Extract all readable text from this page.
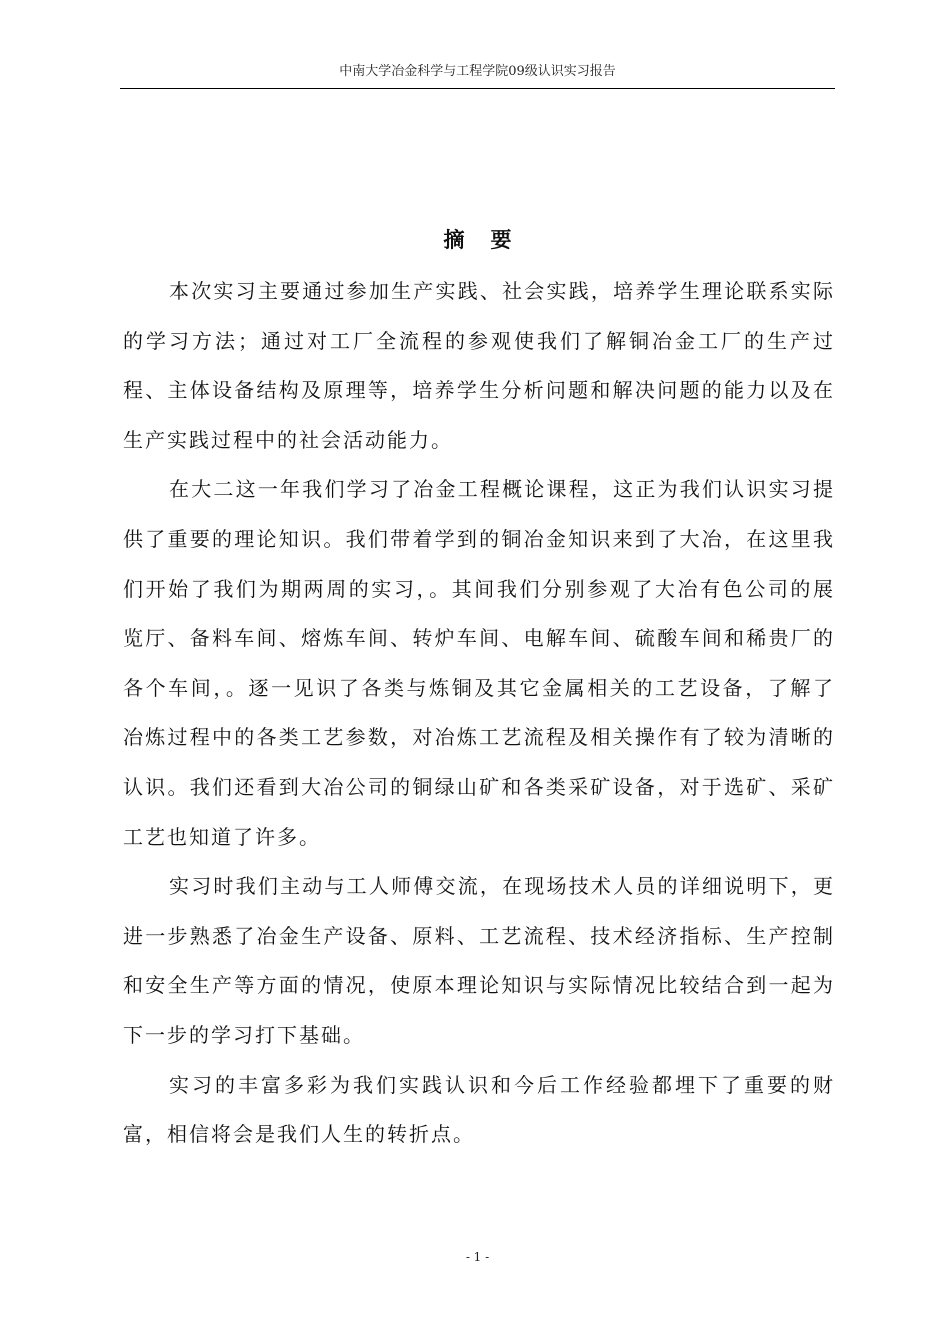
中南大学冶金科学与工程学院09级认识实习报告
摘要

本次实习主要通过参加生产实践、社会实践，培养学生理论联系实际的学习方法；通过对工厂全流程的参观使我们了解铜冶金工厂的生产过程、主体设备结构及原理等，培养学生分析问题和解决问题的能力以及在生产实践过程中的社会活动能力。

在大二这一年我们学习了冶金工程概论课程，这正为我们认识实习提供了重要的理论知识。我们带着学到的铜冶金知识来到了大冶，在这里我们开始了我们为期两周的实习，。其间我们分别参观了大冶有色公司的展览厅、备料车间、熔炼车间、转炉车间、电解车间、硫酸车间和稀贵厂的各个车间，。逐一见识了各类与炼铜及其它金属相关的工艺设备，了解了冶炼过程中的各类工艺参数，对冶炼工艺流程及相关操作有了较为清晰的认识。我们还看到大冶公司的铜绿山矿和各类采矿设备，对于选矿、采矿工艺也知道了许多。

实习时我们主动与工人师傅交流，在现场技术人员的详细说明下，更进一步熟悉了冶金生产设备、原料、工艺流程、技术经济指标、生产控制和安全生产等方面的情况，使原本理论知识与实际情况比较结合到一起为下一步的学习打下基础。

实习的丰富多彩为我们实践认识和今后工作经验都埋下了重要的财富，相信将会是我们人生的转折点。

- 1 -
